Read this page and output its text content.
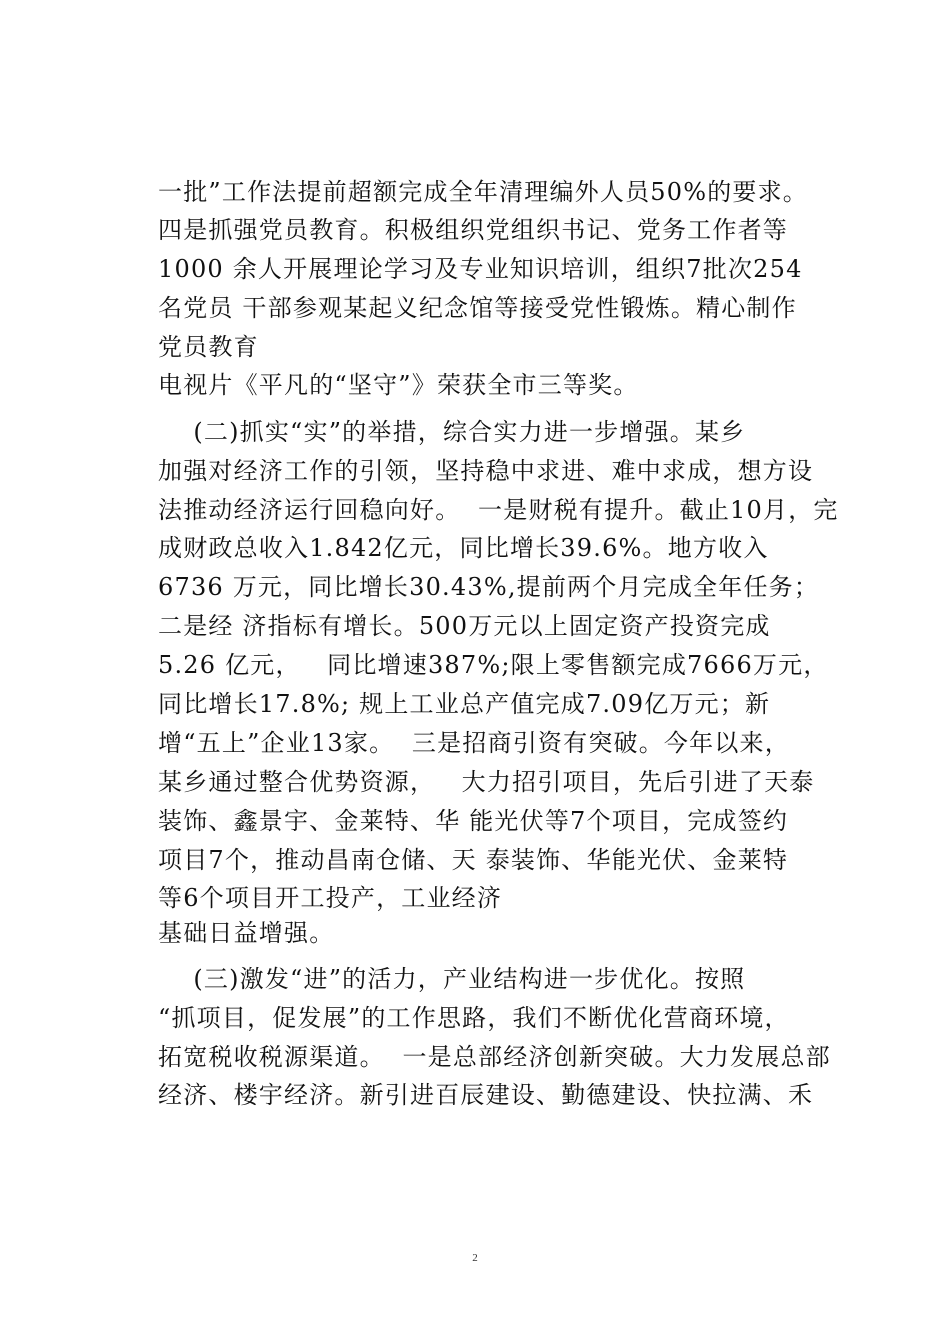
一批”工作法提前超额完成全年清理编外人员50%的要求。
四是抓强党员教育。积极组织党组织书记、党务工作者等
1000 余人开展理论学习及专业知识培训，组织7批次254
名党员 干部参观某起义纪念馆等接受党性锻炼。精心制作
党员教育
电视片《平凡的“坚守”》荣获全市三等奖。
(二)抓实“实”的举措，综合实力进一步增强。某乡
加强对经济工作的引领，坚持稳中求进、难中求成，想方设
法推动经济运行回稳向好。  一是财税有提升。截止10月，完
成财政总收入1.842亿元，同比增长39.6%。地方收入
6736 万元，同比增长30.43%,提前两个月完成全年任务；
二是经 济指标有增长。500万元以上固定资产投资完成
5.26 亿元，   同比增速387%;限上零售额完成7666万元，
同比增长17.8%; 规上工业总产值完成7.09亿万元；新
增“五上”企业13家。  三是招商引资有突破。今年以来，
某乡通过整合优势资源，   大力招引项目，先后引进了天泰
装饰、鑫景宇、金莱特、华 能光伏等7个项目，完成签约
项目7个，推动昌南仓储、天 泰装饰、华能光伏、金莱特
等6个项目开工投产，工业经济
基础日益增强。
(三)激发“进”的活力，产业结构进一步优化。按照
“抓项目，促发展”的工作思路，我们不断优化营商环境，
拓宽税收税源渠道。  一是总部经济创新突破。大力发展总部
经济、楼宇经济。新引进百辰建设、勤德建设、快拉满、禾
2
